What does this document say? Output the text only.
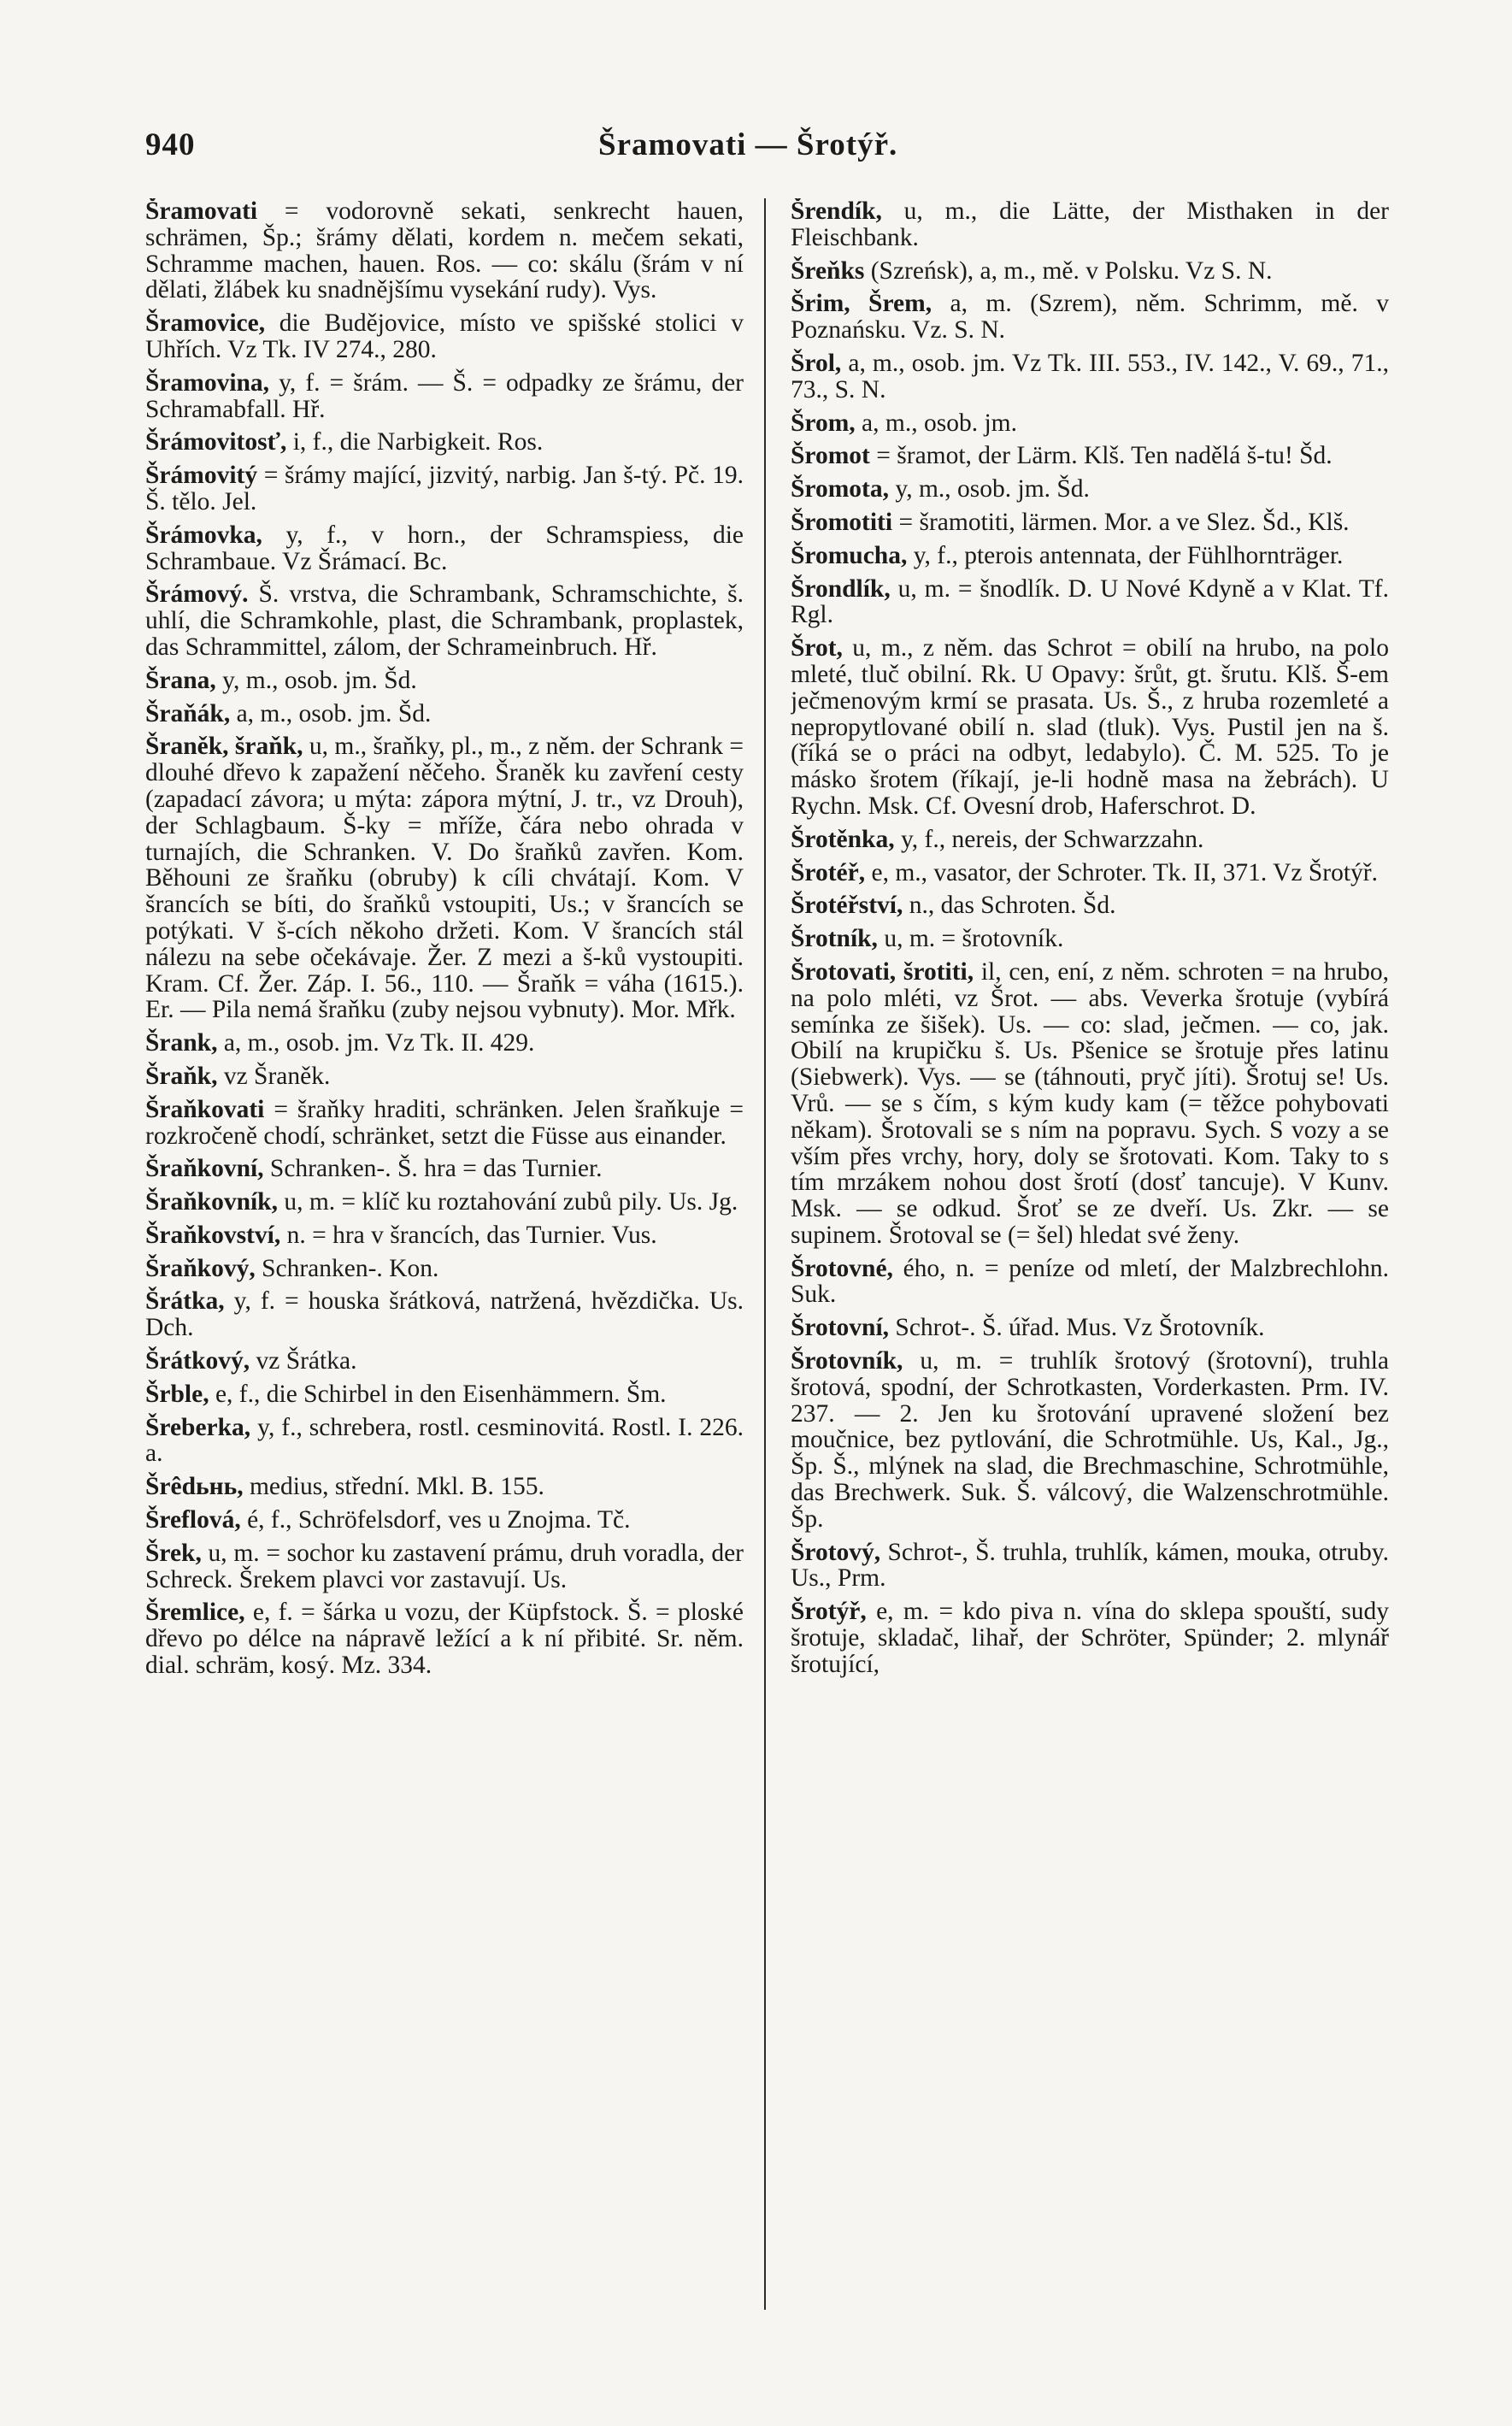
940	Šramovati — Šrotýř.

Šramovati = vodorovně sekati, senkrecht hauen, schrämen, Šp.; šrámy dělati, kordem n. mečem sekati, Schramme machen, hauen. Ros. — co: skálu (šrám v ní dělati, žlábek ku snadnějšímu vysekání rudy). Vys.

Šramovice, die Budějovice, místo ve spišské stolici v Uhřích. Vz Tk. IV 274., 280.

Šramovina, y, f. = šrám. — Š. = odpadky ze šrámu, der Schramabfall. Hř.

Šrámovitosť, i, f., die Narbigkeit. Ros.

Šrámovitý = šrámy mající, jizvitý, narbig. Jan š-tý. Pč. 19. Š. tělo. Jel.

Šrámovka, y, f., v horn., der Schramspiess, die Schrambaue. Vz Šrámací. Bc.

Šrámový. Š. vrstva, die Schrambank, Schramschichte, š. uhlí, die Schramkohle, plast, die Schrambank, proplastek, das Schrammittel, zálom, der Schrameinbruch. Hř.

Šrana, y, m., osob. jm. Šd.

Šraňák, a, m., osob. jm. Šd.

Šraněk, šraňk, u, m., šraňky, pl., m., z něm. der Schrank = dlouhé dřevo k zapažení něčeho. Šraněk ku zavření cesty (zapadací závora; u mýta: zápora mýtní, J. tr., vz Drouh), der Schlagbaum. Š-ky = mříže, čára nebo ohrada v turnajích, die Schranken. V. Do šraňků zavřen. Kom. Běhouni ze šraňku (obruby) k cíli chvátají. Kom. V šrancích se bíti, do šraňků vstoupiti, Us.; v šrancích se potýkati. V š-cích někoho držeti. Kom. V šrancích stál nálezu na sebe očekávaje. Žer. Z mezi a š-ků vystoupiti. Kram. Cf. Žer. Záp. I. 56., 110. — Šraňk = váha (1615.). Er. — Pila nemá šraňku (zuby nejsou vybnuty). Mor. Mřk.

Šrank, a, m., osob. jm. Vz Tk. II. 429.

Šraňk, vz Šraněk.

Šraňkovati = šraňky hraditi, schränken. Jelen šraňkuje = rozkročeně chodí, schränket, setzt die Füsse aus einander.

Šraňkovní, Schranken-. Š. hra = das Turnier.

Šraňkovník, u, m. = klíč ku roztahování zubů pily. Us. Jg.

Šraňkovství, n. = hra v šrancích, das Turnier. Vus.

Šraňkový, Schranken-. Kon.

Šrátka, y, f. = houska šrátková, natržená, hvězdička. Us. Dch.

Šrátkový, vz Šrátka.

Šrble, e, f., die Schirbel in den Eisenhämmern. Šm.

Šreberka, y, f., schrebera, rostl. cesminovitá. Rostl. I. 226. a.

Šrêdьнь, medius, střední. Mkl. B. 155.

Šreflová, é, f., Schröfelsdorf, ves u Znojma. Tč.

Šrek, u, m. = sochor ku zastavení prámu, druh voradla, der Schreck. Šrekem plavci vor zastavují. Us.

Šremlice, e, f. = šárka u vozu, der Küpfstock. Š. = ploské dřevo po délce na nápravě ležící a k ní přibité. Sr. něm. dial. schräm, kosý. Mz. 334.

Šrendík, u, m., die Lätte, der Misthaken in der Fleischbank.

Šreňks (Szreńsk), a, m., mě. v Polsku. Vz S. N.

Šrim, Šrem, a, m. (Szrem), něm. Schrimm, mě. v Poznańsku. Vz. S. N.

Šrol, a, m., osob. jm. Vz Tk. III. 553., IV. 142., V. 69., 71., 73., S. N.

Šrom, a, m., osob. jm.

Šromot = šramot, der Lärm. Klš. Ten nadělá š-tu! Šd.

Šromota, y, m., osob. jm. Šd.

Šromotiti = šramotiti, lärmen. Mor. a ve Slez. Šd., Klš.

Šromucha, y, f., pterois antennata, der Fühlhornträger.

Šrondlík, u, m. = šnodlík. D. U Nové Kdyně a v Klat. Tf. Rgl.

Šrot, u, m., z něm. das Schrot = obilí na hrubo, na polo mleté, tluč obilní. Rk. U Opavy: šrůt, gt. šrutu. Klš. Š-em ječmenovým krmí se prasata. Us. Š., z hruba rozemleté a nepropytlované obilí n. slad (tluk). Vys. Pustil jen na š. (říká se o práci na odbyt, ledabylo). Č. M. 525. To je másko šrotem (říkají, je-li hodně masa na žebrách). U Rychn. Msk. Cf. Ovesní drob, Haferschrot. D.

Šrotěnka, y, f., nereis, der Schwarzzahn.

Šrotéř, e, m., vasator, der Schroter. Tk. II, 371. Vz Šrotýř.

Šrotéřství, n., das Schroten. Šd.

Šrotník, u, m. = šrotovník.

Šrotovati, šrotiti, il, cen, ení, z něm. schroten = na hrubo, na polo mléti, vz Šrot. — abs. Veverka šrotuje (vybírá semínka ze šišek). Us. — co: slad, ječmen. — co, jak. Obilí na krupičku š. Us. Pšenice se šrotuje přes latinu (Siebwerk). Vys. — se (táhnouti, pryč jíti). Šrotuj se! Us. Vrů. — se s čím, s kým kudy kam (= těžce pohybovati někam). Šrotovali se s ním na popravu. Sych. S vozy a se vším přes vrchy, hory, doly se šrotovati. Kom. Taky to s tím mrzákem nohou dost šrotí (dosť tancuje). V Kunv. Msk. — se odkud. Šroť se ze dveří. Us. Zkr. — se supinem. Šrotoval se (= šel) hledat své ženy.

Šrotovné, ého, n. = peníze od mletí, der Malzbrechlohn. Suk.

Šrotovní, Schrot-. Š. úřad. Mus. Vz Šrotovník.

Šrotovník, u, m. = truhlík šrotový (šrotovní), truhla šrotová, spodní, der Schrotkasten, Vorderkasten. Prm. IV. 237. — 2. Jen ku šrotování upravené složení bez moučnice, bez pytlování, die Schrotmühle. Us, Kal., Jg., Šp. Š., mlýnek na slad, die Brechmaschine, Schrotmühle, das Brechwerk. Suk. Š. válcový, die Walzenschrotmühle. Šp.

Šrotový, Schrot-, Š. truhla, truhlík, kámen, mouka, otruby. Us., Prm.

Šrotýř, e, m. = kdo piva n. vína do sklepa spouští, sudy šrotuje, skladač, lihař, der Schröter, Spünder; 2. mlynář šrotující,
